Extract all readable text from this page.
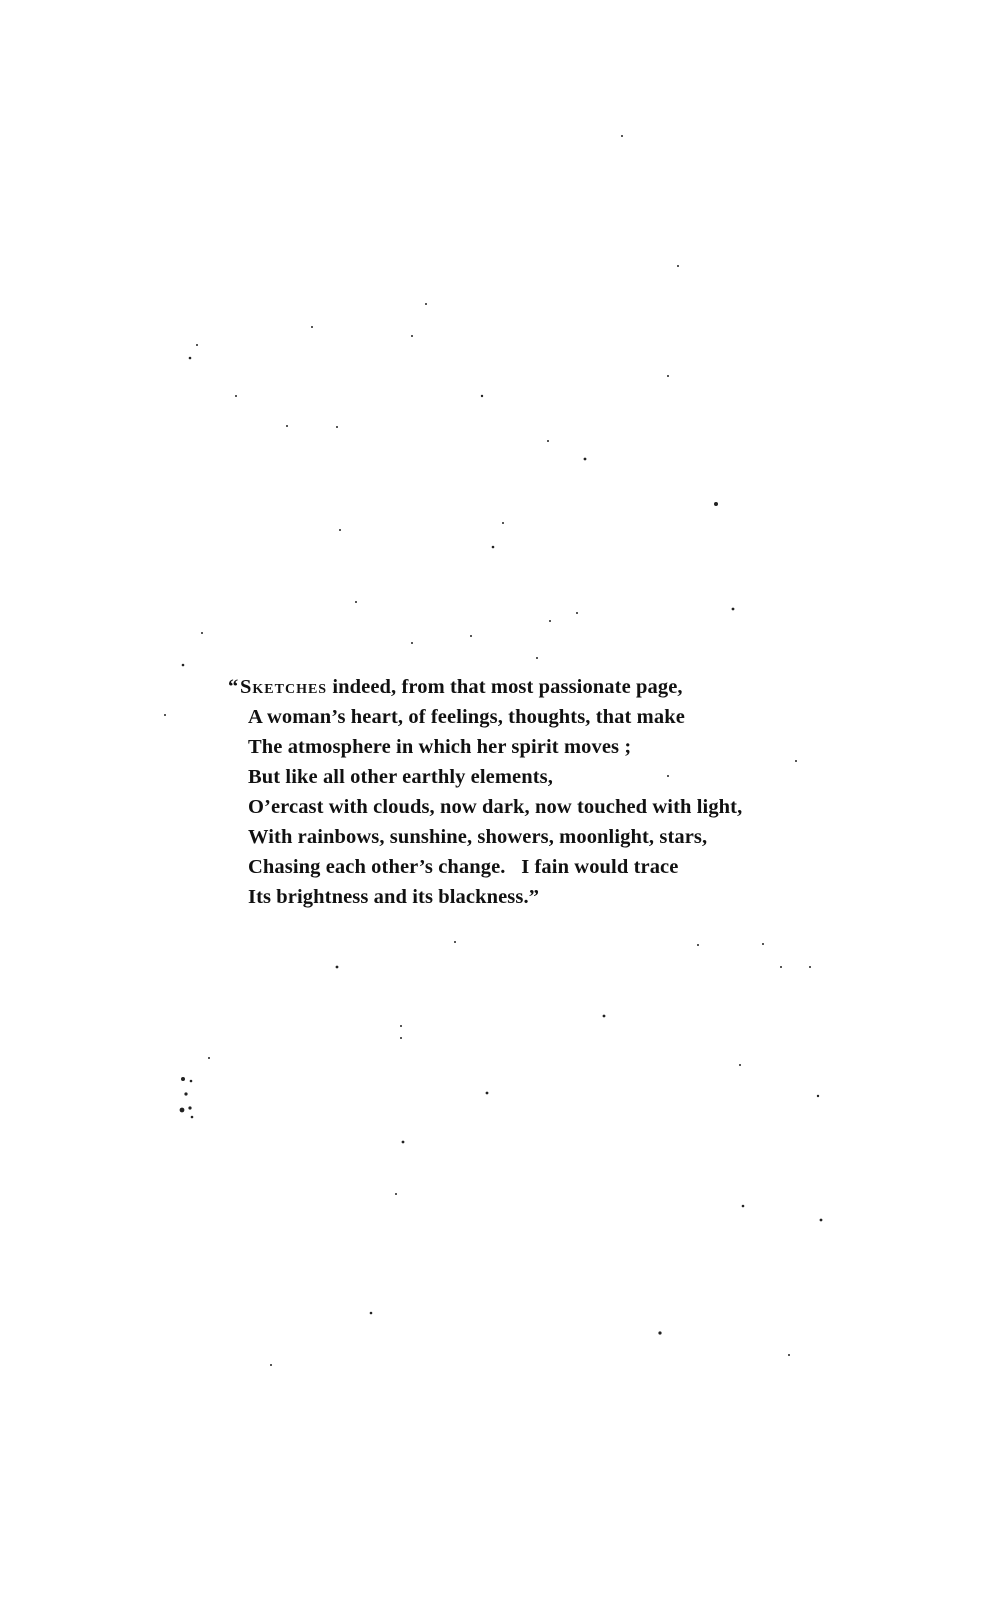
“Sketches indeed, from that most passionate page,
A woman’s heart, of feelings, thoughts, that make
The atmosphere in which her spirit moves ;
But like all other earthly elements,
O’ercast with clouds, now dark, now touched with light,
With rainbows, sunshine, showers, moonlight, stars,
Chasing each other’s change.   I fain would trace
Its brightness and its blackness.”
